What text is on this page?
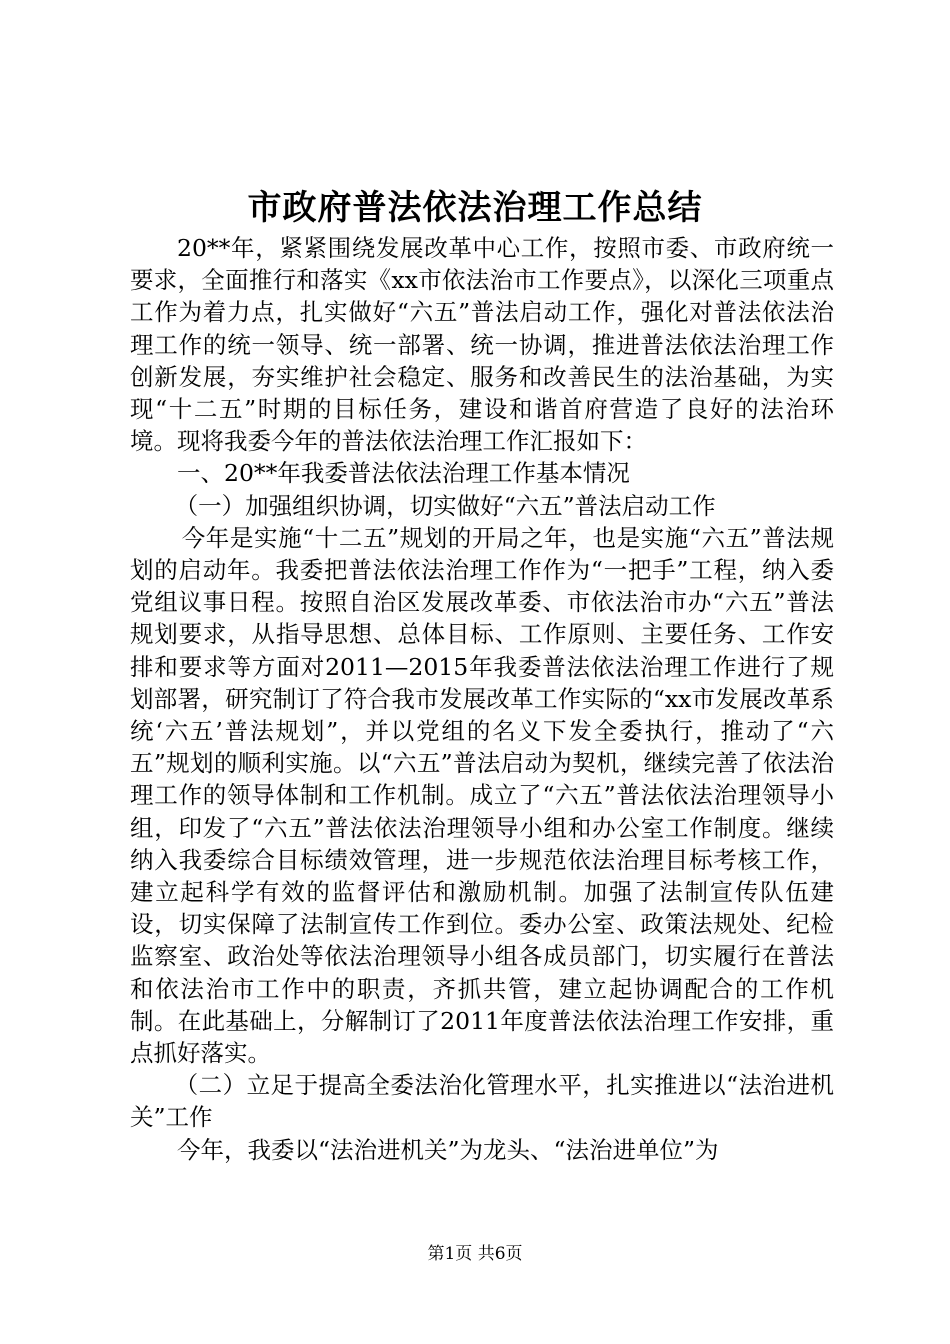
市政府普法依法治理工作总结

20**年，紧紧围绕发展改革中心工作，按照市委、市政府统一要求，全面推行和落实《xx市依法治市工作要点》，以深化三项重点工作为着力点，扎实做好“六五”普法启动工作，强化对普法依法治理工作的统一领导、统一部署、统一协调，推进普法依法治理工作创新发展，夯实维护社会稳定、服务和改善民生的法治基础，为实现“十二五”时期的目标任务，建设和谐首府营造了良好的法治环境。现将我委今年的普法依法治理工作汇报如下：

一、20**年我委普法依法治理工作基本情况

（一）加强组织协调，切实做好“六五”普法启动工作

今年是实施“十二五”规划的开局之年，也是实施“六五”普法规划的启动年。我委把普法依法治理工作作为“一把手”工程，纳入委党组议事日程。按照自治区发展改革委、市依法治市办“六五”普法规划要求，从指导思想、总体目标、工作原则、主要任务、工作安排和要求等方面对2011—2015年我委普法依法治理工作进行了规划部署，研究制订了符合我市发展改革工作实际的“xx市发展改革系统‘六五’普法规划”，并以党组的名义下发全委执行，推动了“六五”规划的顺利实施。以“六五”普法启动为契机，继续完善了依法治理工作的领导体制和工作机制。成立了“六五”普法依法治理领导小组，印发了“六五”普法依法治理领导小组和办公室工作制度。继续纳入我委综合目标绩效管理，进一步规范依法治理目标考核工作，建立起科学有效的监督评估和激励机制。加强了法制宣传队伍建设，切实保障了法制宣传工作到位。委办公室、政策法规处、纪检监察室、政治处等依法治理领导小组各成员部门，切实履行在普法和依法治市工作中的职责，齐抓共管，建立起协调配合的工作机制。在此基础上，分解制订了2011年度普法依法治理工作安排，重点抓好落实。

（二）立足于提高全委法治化管理水平，扎实推进以“法治进机关”工作

今年，我委以“法治进机关”为龙头、“法治进单位”为

第1页 共6页
